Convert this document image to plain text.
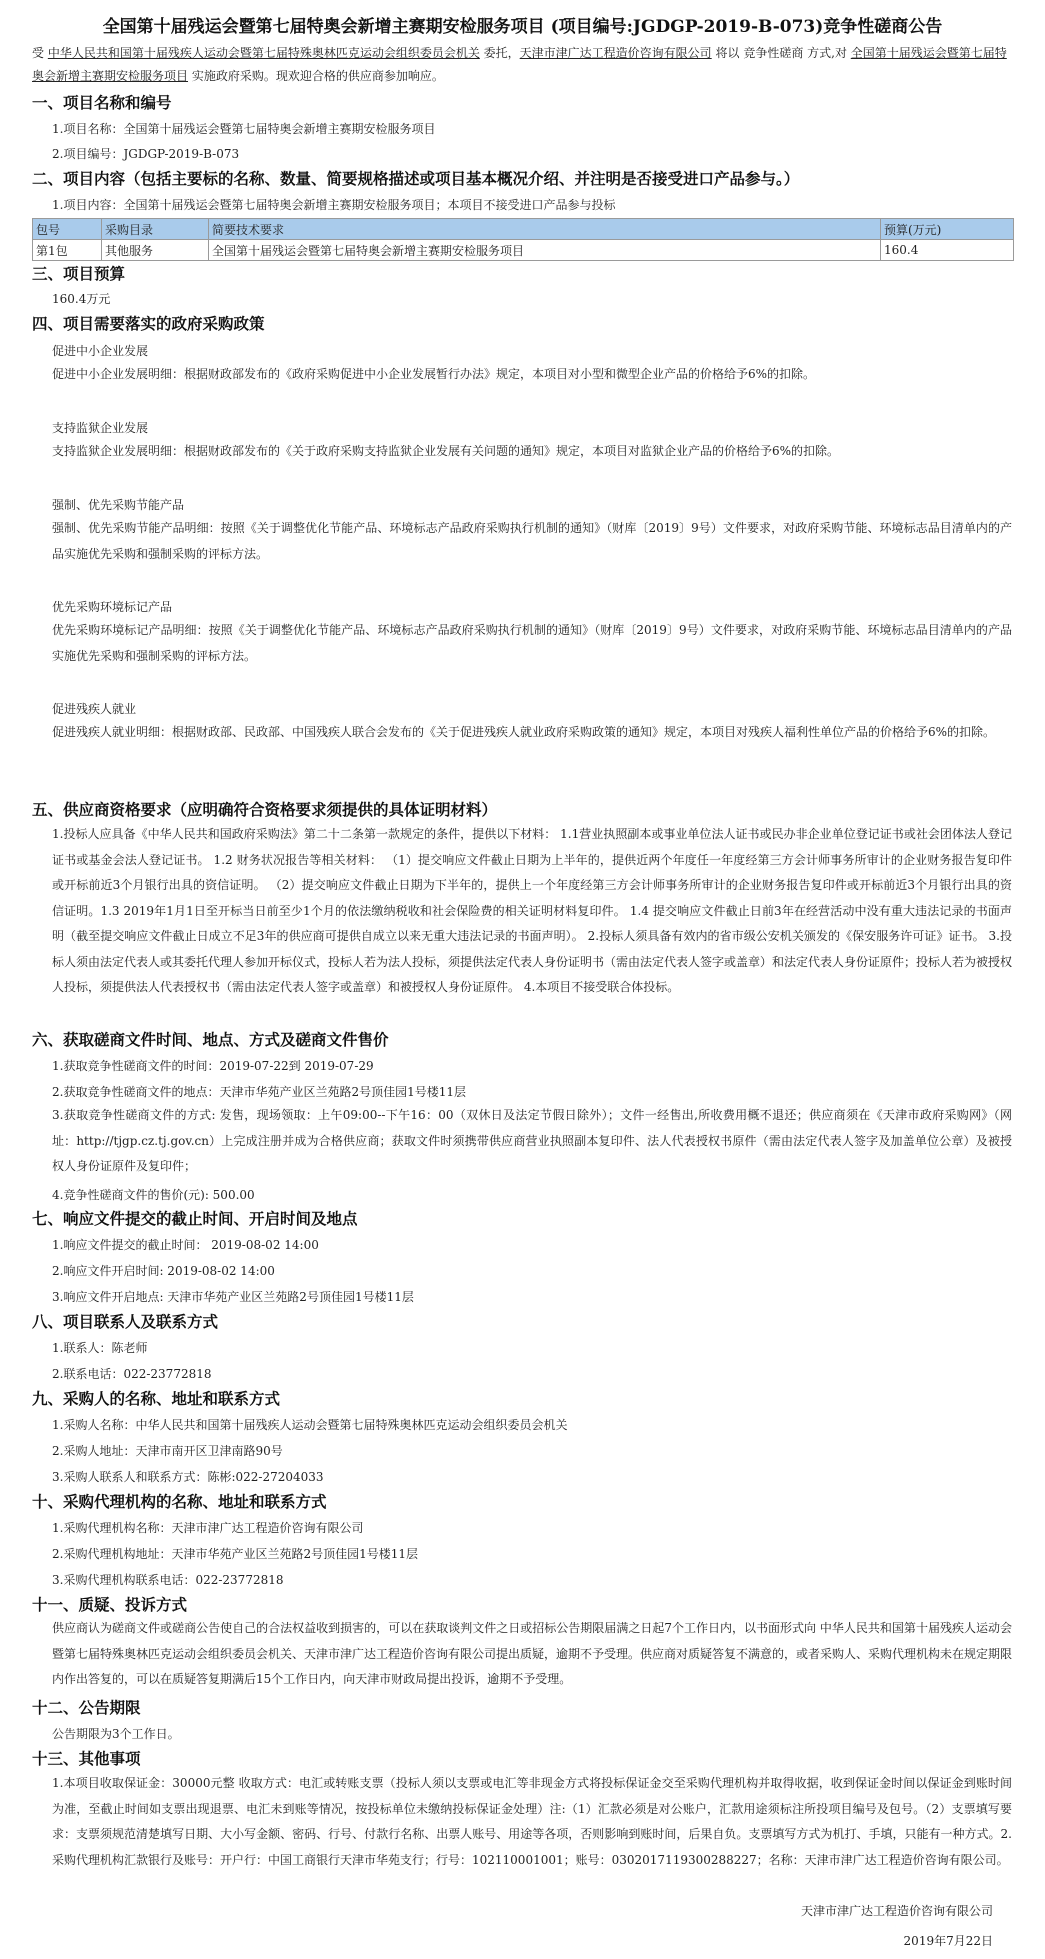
全国第十届残运会暨第七届特奥会新增主赛期安检服务项目 (项目编号:JGDGP-2019-B-073)竞争性磋商公告
受 中华人民共和国第十届残疾人运动会暨第七届特殊奥林匹克运动会组织委员会机关 委托，天津市津广达工程造价咨询有限公司 将以 竞争性磋商 方式,对 全国第十届残运会暨第七届特奥会新增主赛期安检服务项目 实施政府采购。现欢迎合格的供应商参加响应。
一、项目名称和编号
1.项目名称：全国第十届残运会暨第七届特奥会新增主赛期安检服务项目
2.项目编号：JGDGP-2019-B-073
二、项目内容（包括主要标的名称、数量、简要规格描述或项目基本概况介绍、并注明是否接受进口产品参与。）
1.项目内容：全国第十届残运会暨第七届特奥会新增主赛期安检服务项目；本项目不接受进口产品参与投标
包号	采购目录	简要技术要求	预算(万元)
第1包	其他服务	全国第十届残运会暨第七届特奥会新增主赛期安检服务项目	160.4
三、项目预算
160.4万元
四、项目需要落实的政府采购政策
促进中小企业发展
促进中小企业发展明细：根据财政部发布的《政府采购促进中小企业发展暂行办法》规定，本项目对小型和微型企业产品的价格给予6%的扣除。
支持监狱企业发展
支持监狱企业发展明细：根据财政部发布的《关于政府采购支持监狱企业发展有关问题的通知》规定，本项目对监狱企业产品的价格给予6%的扣除。
强制、优先采购节能产品
强制、优先采购节能产品明细：按照《关于调整优化节能产品、环境标志产品政府采购执行机制的通知》（财库〔2019〕9号）文件要求，对政府采购节能、环境标志品目清单内的产品实施优先采购和强制采购的评标方法。
优先采购环境标记产品
优先采购环境标记产品明细：按照《关于调整优化节能产品、环境标志产品政府采购执行机制的通知》（财库〔2019〕9号）文件要求，对政府采购节能、环境标志品目清单内的产品实施优先采购和强制采购的评标方法。
促进残疾人就业
促进残疾人就业明细：根据财政部、民政部、中国残疾人联合会发布的《关于促进残疾人就业政府采购政策的通知》规定，本项目对残疾人福利性单位产品的价格给予6%的扣除。
五、供应商资格要求（应明确符合资格要求须提供的具体证明材料）
1.投标人应具备《中华人民共和国政府采购法》第二十二条第一款规定的条件，提供以下材料： 1.1营业执照副本或事业单位法人证书或民办非企业单位登记证书或社会团体法人登记证书或基金会法人登记证书。 1.2 财务状况报告等相关材料： （1）提交响应文件截止日期为上半年的，提供近两个年度任一年度经第三方会计师事务所审计的企业财务报告复印件或开标前近3个月银行出具的资信证明。 （2）提交响应文件截止日期为下半年的，提供上一个年度经第三方会计师事务所审计的企业财务报告复印件或开标前近3个月银行出具的资信证明。1.3 2019年1月1日至开标当日前至少1个月的依法缴纳税收和社会保险费的相关证明材料复印件。 1.4 提交响应文件截止日前3年在经营活动中没有重大违法记录的书面声明（截至提交响应文件截止日成立不足3年的供应商可提供自成立以来无重大违法记录的书面声明）。 2.投标人须具备有效内的省市级公安机关颁发的《保安服务许可证》证书。 3.投标人须由法定代表人或其委托代理人参加开标仪式，投标人若为法人投标，须提供法定代表人身份证明书（需由法定代表人签字或盖章）和法定代表人身份证原件；投标人若为被授权人投标，须提供法人代表授权书（需由法定代表人签字或盖章）和被授权人身份证原件。 4.本项目不接受联合体投标。
六、获取磋商文件时间、地点、方式及磋商文件售价
1.获取竞争性磋商文件的时间：2019-07-22到 2019-07-29
2.获取竞争性磋商文件的地点：天津市华苑产业区兰苑路2号顶佳园1号楼11层
3.获取竞争性磋商文件的方式: 发售，现场领取：上午09:00--下午16：00（双休日及法定节假日除外）；文件一经售出,所收费用概不退还；供应商须在《天津市政府采购网》（网址：http://tjgp.cz.tj.gov.cn）上完成注册并成为合格供应商；获取文件时须携带供应商营业执照副本复印件、法人代表授权书原件（需由法定代表人签字及加盖单位公章）及被授权人身份证原件及复印件；
4.竞争性磋商文件的售价(元): 500.00
七、响应文件提交的截止时间、开启时间及地点
1.响应文件提交的截止时间： 2019-08-02 14:00
2.响应文件开启时间: 2019-08-02 14:00
3.响应文件开启地点: 天津市华苑产业区兰苑路2号顶佳园1号楼11层
八、项目联系人及联系方式
1.联系人：陈老师
2.联系电话：022-23772818
九、采购人的名称、地址和联系方式
1.采购人名称：中华人民共和国第十届残疾人运动会暨第七届特殊奥林匹克运动会组织委员会机关
2.采购人地址：天津市南开区卫津南路90号
3.采购人联系人和联系方式：陈彬:022-27204033
十、采购代理机构的名称、地址和联系方式
1.采购代理机构名称：天津市津广达工程造价咨询有限公司
2.采购代理机构地址：天津市华苑产业区兰苑路2号顶佳园1号楼11层
3.采购代理机构联系电话：022-23772818
十一、质疑、投诉方式
供应商认为磋商文件或磋商公告使自己的合法权益收到损害的，可以在获取谈判文件之日或招标公告期限届满之日起7个工作日内，以书面形式向 中华人民共和国第十届残疾人运动会暨第七届特殊奥林匹克运动会组织委员会机关、天津市津广达工程造价咨询有限公司提出质疑，逾期不予受理。供应商对质疑答复不满意的，或者采购人、采购代理机构未在规定期限内作出答复的，可以在质疑答复期满后15个工作日内，向天津市财政局提出投诉，逾期不予受理。
十二、公告期限
公告期限为3个工作日。
十三、其他事项
1.本项目收取保证金：30000元整 收取方式：电汇或转账支票（投标人须以支票或电汇等非现金方式将投标保证金交至采购代理机构并取得收据，收到保证金时间以保证金到账时间为准，至截止时间如支票出现退票、电汇未到账等情况，按投标单位未缴纳投标保证金处理）注:（1）汇款必须是对公账户，汇款用途须标注所投项目编号及包号。（2）支票填写要求：支票须规范清楚填写日期、大小写金额、密码、行号、付款行名称、出票人账号、用途等各项，否则影响到账时间，后果自负。支票填写方式为机打、手填，只能有一种方式。2.采购代理机构汇款银行及账号：开户行：中国工商银行天津市华苑支行；行号：102110001001；账号：0302017119300288227；名称：天津市津广达工程造价咨询有限公司。
天津市津广达工程造价咨询有限公司
2019年7月22日
